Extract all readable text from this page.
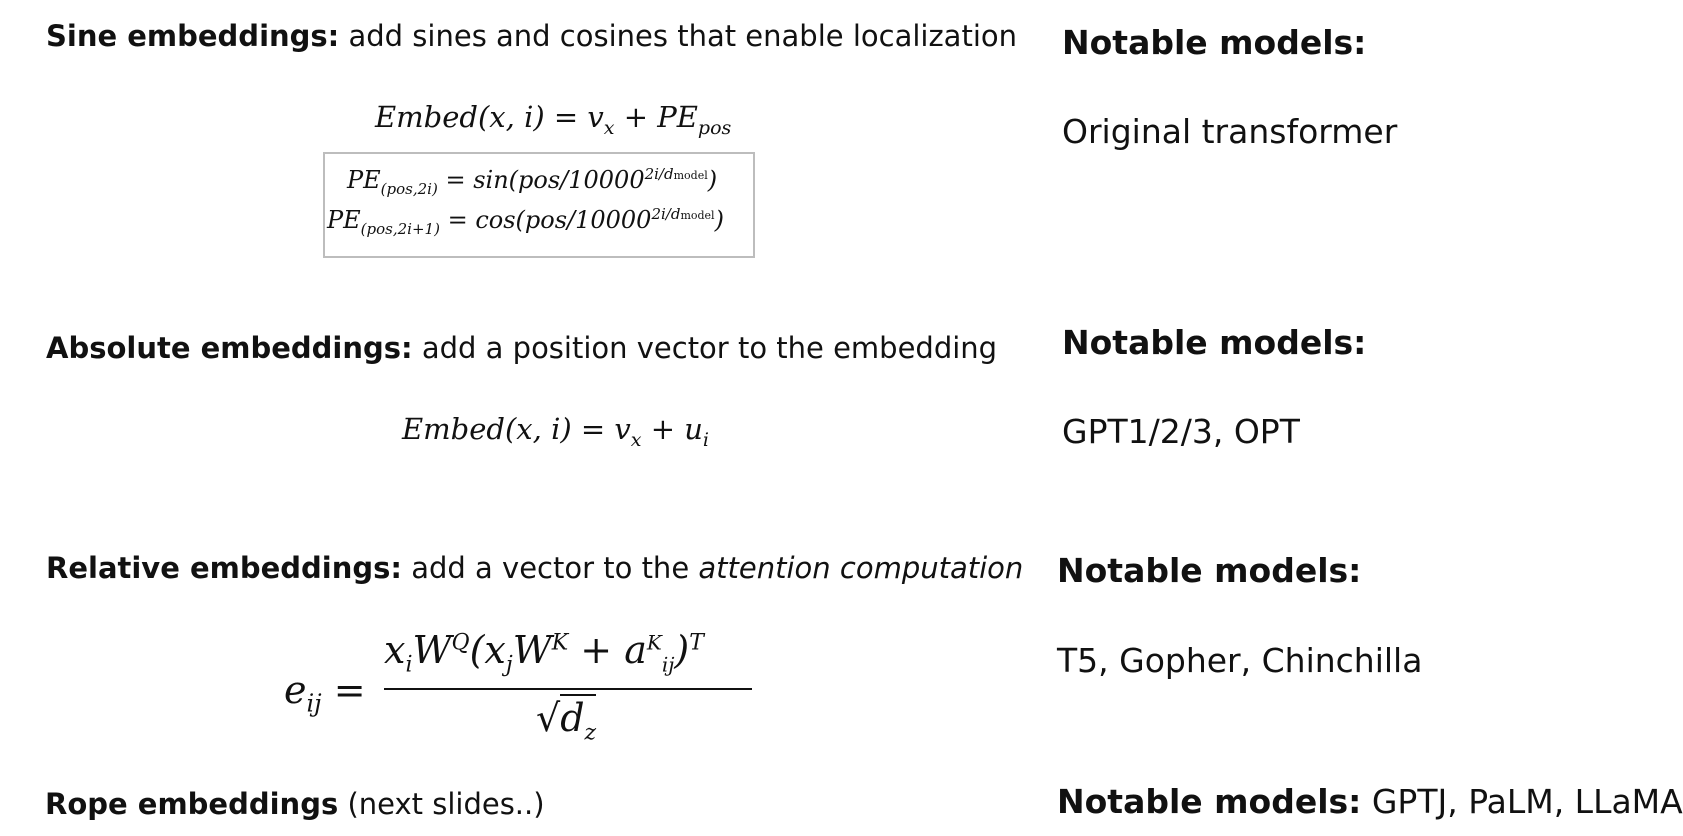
Sine embeddings: add sines and cosines that enable localization
Embed(x, $i) = v_x + PE_{pos}$
$PE_{(pos,2i)} = \sin(pos/10000^{2i/dmodel})$
$PE_{(pos,2i+1)} = \cos(pos/10000^{2i/dmodel})$
Notable models:
Original transformer
Absolute embeddings: add a position vector to the embedding
Embed(x, $i) = v_x + u_i$
Notable models:
GPT1/2/3, OPT
Relative embeddings: add a vector to the attention computation
$e_{ij}$ =
$x_iW^Q(x_jW^K + a^K_{ij})^T$
$√d_z$
Notable models:
T5, Gopher, Chinchilla
Rope embeddings (next slides..)	Notable models: GPTJ, PaLM, LLaMA
